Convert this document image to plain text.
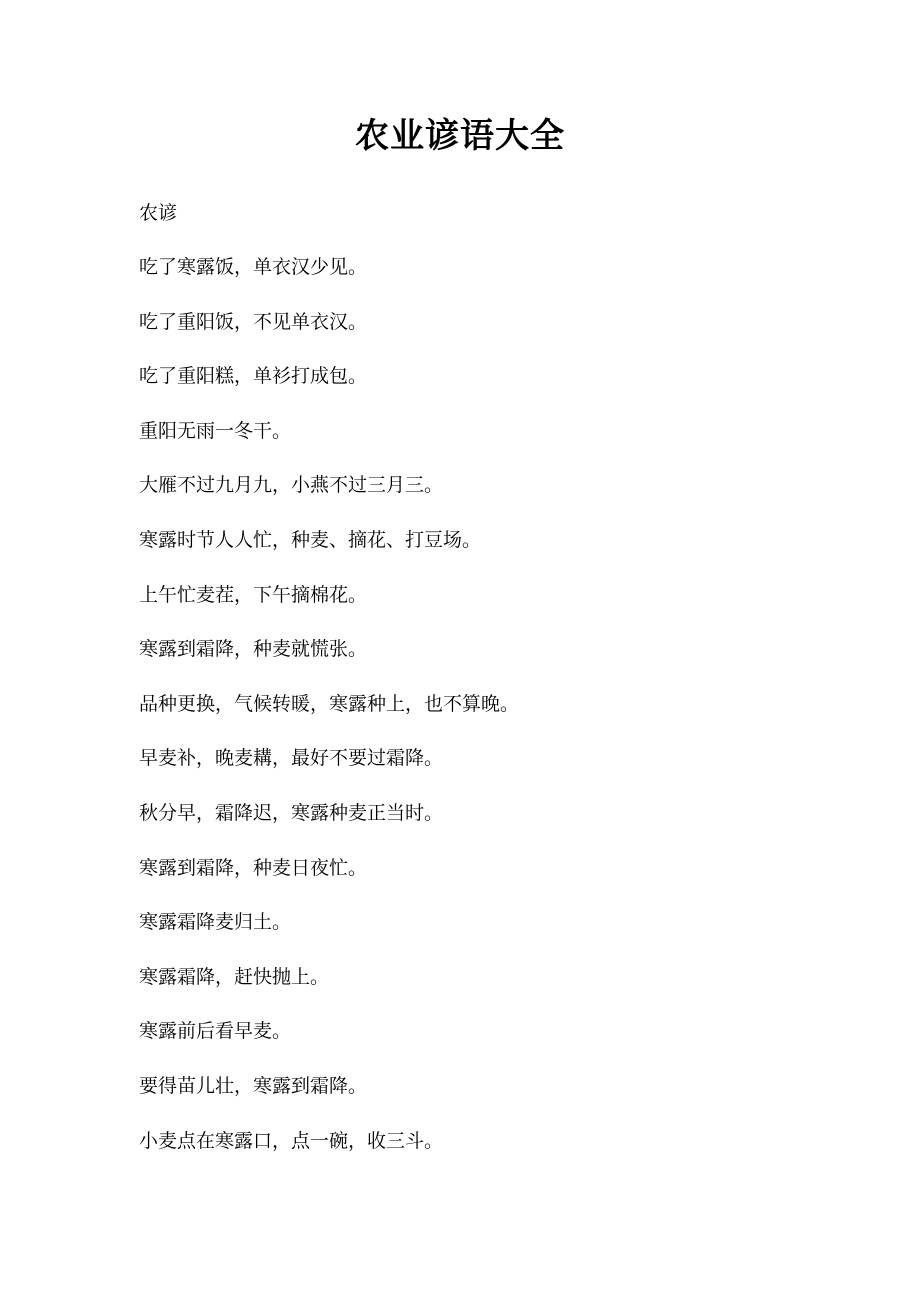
农业谚语大全
农谚
吃了寒露饭，单衣汉少见。
吃了重阳饭，不见单衣汉。
吃了重阳糕，单衫打成包。
重阳无雨一冬干。
大雁不过九月九，小燕不过三月三。
寒露时节人人忙，种麦、摘花、打豆场。
上午忙麦茬，下午摘棉花。
寒露到霜降，种麦就慌张。
品种更换，气候转暖，寒露种上，也不算晚。
早麦补，晚麦耩，最好不要过霜降。
秋分早，霜降迟，寒露种麦正当时。
寒露到霜降，种麦日夜忙。
寒露霜降麦归土。
寒露霜降，赶快抛上。
寒露前后看早麦。
要得苗儿壮，寒露到霜降。
小麦点在寒露口，点一碗，收三斗。
